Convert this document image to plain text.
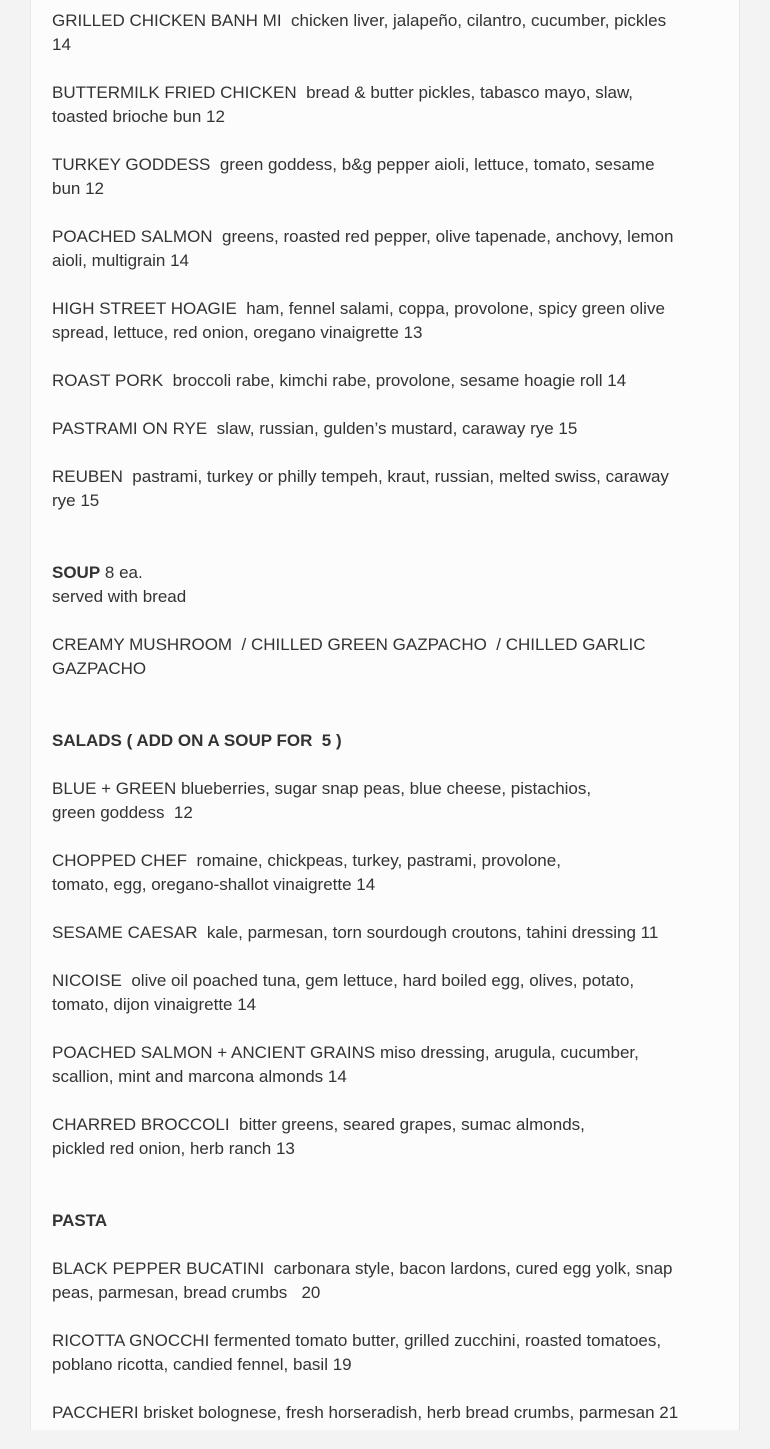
GRILLED CHICKEN BANH MI  chicken liver, jalapeño, cilantro, cucumber, pickles
14
BUTTERMILK FRIED CHICKEN  bread & butter pickles, tabasco mayo, slaw,
toasted brioche bun 12
TURKEY GODDESS  green goddess, b&g pepper aioli, lettuce, tomato, sesame
bun 12
POACHED SALMON  greens, roasted red pepper, olive tapenade, anchovy, lemon
aioli, multigrain 14
HIGH STREET HOAGIE  ham, fennel salami, coppa, provolone, spicy green olive
spread, lettuce, red onion, oregano vinaigrette 13
ROAST PORK  broccoli rabe, kimchi rabe, provolone, sesame hoagie roll 14
PASTRAMI ON RYE  slaw, russian, gulden’s mustard, caraway rye 15
REUBEN  pastrami, turkey or philly tempeh, kraut, russian, melted swiss, caraway
rye 15
SOUP 8 ea.
served with bread
CREAMY MUSHROOM  / CHILLED GREEN GAZPACHO  / CHILLED GARLIC
GAZPACHO
SALADS ( ADD ON A SOUP FOR  5 )
BLUE + GREEN blueberries, sugar snap peas, blue cheese, pistachios,
green goddess  12
CHOPPED CHEF  romaine, chickpeas, turkey, pastrami, provolone,
tomato, egg, oregano-shallot vinaigrette 14
SESAME CAESAR  kale, parmesan, torn sourdough croutons, tahini dressing 11
NICOISE  olive oil poached tuna, gem lettuce, hard boiled egg, olives, potato,
tomato, dijon vinaigrette 14
POACHED SALMON + ANCIENT GRAINS miso dressing, arugula, cucumber,
scallion, mint and marcona almonds 14
CHARRED BROCCOLI  bitter greens, seared grapes, sumac almonds,
pickled red onion, herb ranch 13
PASTA
BLACK PEPPER BUCATINI  carbonara style, bacon lardons, cured egg yolk, snap
peas, parmesan, bread crumbs   20
RICOTTA GNOCCHI fermented tomato butter, grilled zucchini, roasted tomatoes,
poblano ricotta, candied fennel, basil 19
PACCHERI brisket bolognese, fresh horseradish, herb bread crumbs, parmesan 21
